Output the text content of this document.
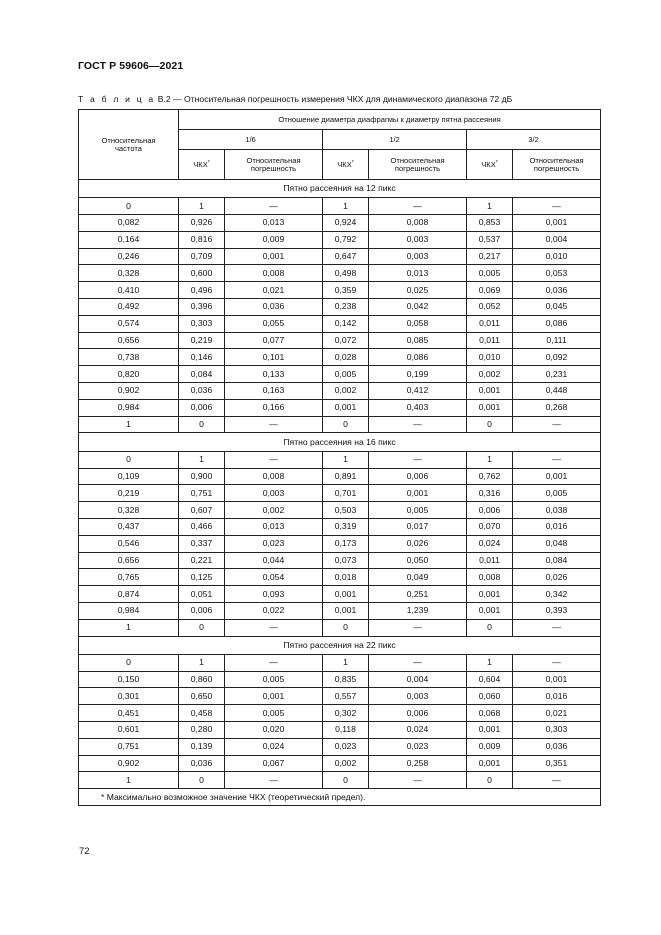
ГОСТ Р 59606—2021
Т а б л и ц а В.2 — Относительная погрешность измерения ЧКХ для динамического диапазона 72 дБ
Относительная частота	Отношение диаметра диафрагмы к диаметру пятна рассеяния					
	1/6		1/2		3/2	
	ЧКХ*	Относительная погрешность	ЧКХ*	Относительная погрешность	ЧКХ*	Относительная погрешность
Пятно рассеяния на 12 пикс						
0	1	—	1	—	1	—
0,082	0,926	0,013	0,924	0,008	0,853	0,001
0,164	0,816	0,009	0,792	0,003	0,537	0,004
0,246	0,709	0,001	0,647	0,003	0,217	0,010
0,328	0,600	0,008	0,498	0,013	0,005	0,053
0,410	0,496	0,021	0,359	0,025	0,069	0,036
0,492	0,396	0,036	0,238	0,042	0,052	0,045
0,574	0,303	0,055	0,142	0,058	0,011	0,086
0,656	0,219	0,077	0,072	0,085	0,011	0,111
0,738	0,146	0,101	0,028	0,086	0,010	0,092
0,820	0,084	0,133	0,005	0,199	0,002	0,231
0,902	0,036	0,163	0,002	0,412	0,001	0,448
0,984	0,006	0,166	0,001	0,403	0,001	0,268
1	0	—	0	—	0	—
Пятно рассеяния на 16 пикс						
0	1	—	1	—	1	—
0,109	0,900	0,008	0,891	0,006	0,762	0,001
0,219	0,751	0,003	0,701	0,001	0,316	0,005
0,328	0,607	0,002	0,503	0,005	0,006	0,038
0,437	0,466	0,013	0,319	0,017	0,070	0,016
0,546	0,337	0,023	0,173	0,026	0,024	0,048
0,656	0,221	0,044	0,073	0,050	0,011	0,084
0,765	0,125	0,054	0,018	0,049	0,008	0,026
0,874	0,051	0,093	0,001	0,251	0,001	0,342
0,984	0,006	0,022	0,001	1,239	0,001	0,393
1	0	—	0	—	0	—
Пятно рассеяния на 22 пикс						
0	1	—	1	—	1	—
0,150	0,860	0,005	0,835	0,004	0,604	0,001
0,301	0,650	0,001	0,557	0,003	0,060	0,016
0,451	0,458	0,005	0,302	0,006	0,068	0,021
0,601	0,280	0,020	0,118	0,024	0,001	0,303
0,751	0,139	0,024	0,023	0,023	0,009	0,036
0,902	0,036	0,067	0,002	0,258	0,001	0,351
1	0	—	0	—	0	—
* Максимально возможное значение ЧКХ (теоретический предел).						
72
